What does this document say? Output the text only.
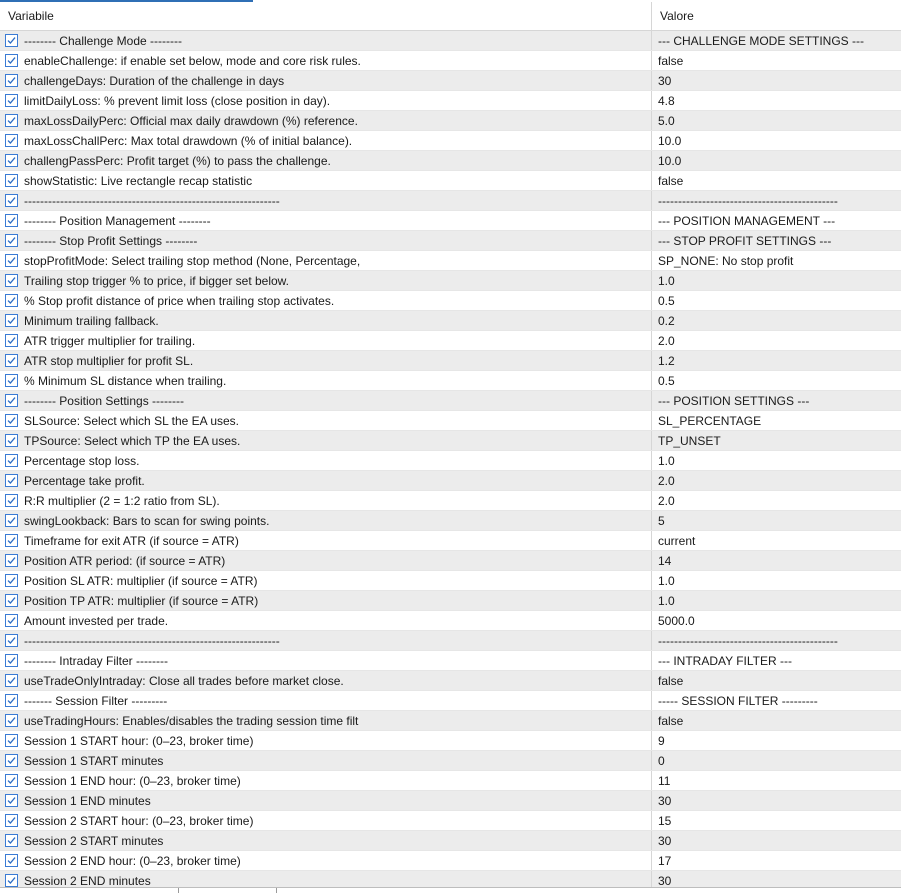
Variabile	Valore
-------- Challenge Mode --------	--- CHALLENGE MODE SETTINGS ---
enableChallenge: if enable set below, mode and core risk rules.	false
challengeDays: Duration of the challenge in days	30
limitDailyLoss: % prevent limit loss (close position in day).	4.8
maxLossDailyPerc: Official max daily drawdown (%) reference.	5.0
maxLossChallPerc: Max total drawdown (% of initial balance).	10.0
challengPassPerc: Profit target (%) to pass the challenge.	10.0
showStatistic: Live rectangle recap statistic	false
----------------------------------------------------------------	---------------------------------------------
-------- Position Management --------	--- POSITION MANAGEMENT ---
-------- Stop Profit Settings --------	--- STOP PROFIT SETTINGS ---
stopProfitMode: Select trailing stop method (None, Percentage,	SP_NONE: No stop profit
Trailing stop trigger % to price, if bigger set below.	1.0
% Stop profit distance of price when trailing stop activates.	0.5
Minimum trailing fallback.	0.2
ATR trigger multiplier for trailing.	2.0
ATR stop multiplier for profit SL.	1.2
% Minimum SL distance when trailing.	0.5
-------- Position Settings --------	--- POSITION SETTINGS ---
SLSource: Select which SL the EA uses.	SL_PERCENTAGE
TPSource: Select which TP the EA uses.	TP_UNSET
Percentage stop loss.	1.0
Percentage take profit.	2.0
R:R multiplier (2 = 1:2 ratio from SL).	2.0
swingLookback: Bars to scan for swing points.	5
Timeframe for exit ATR (if source = ATR)	current
Position ATR period: (if source = ATR)	14
Position SL ATR: multiplier (if source = ATR)	1.0
Position TP ATR: multiplier (if source = ATR)	1.0
Amount invested per trade.	5000.0
----------------------------------------------------------------	---------------------------------------------
-------- Intraday Filter --------	--- INTRADAY FILTER ---
useTradeOnlyIntraday: Close all trades before market close.	false
------- Session Filter ---------	----- SESSION FILTER ---------
useTradingHours: Enables/disables the trading session time filt	false
Session 1 START hour: (0–23, broker time)	9
Session 1 START minutes	0
Session 1 END hour: (0–23, broker time)	11
Session 1 END minutes	30
Session 2 START hour: (0–23, broker time)	15
Session 2 START minutes	30
Session 2 END hour: (0–23, broker time)	17
Session 2 END minutes	30
